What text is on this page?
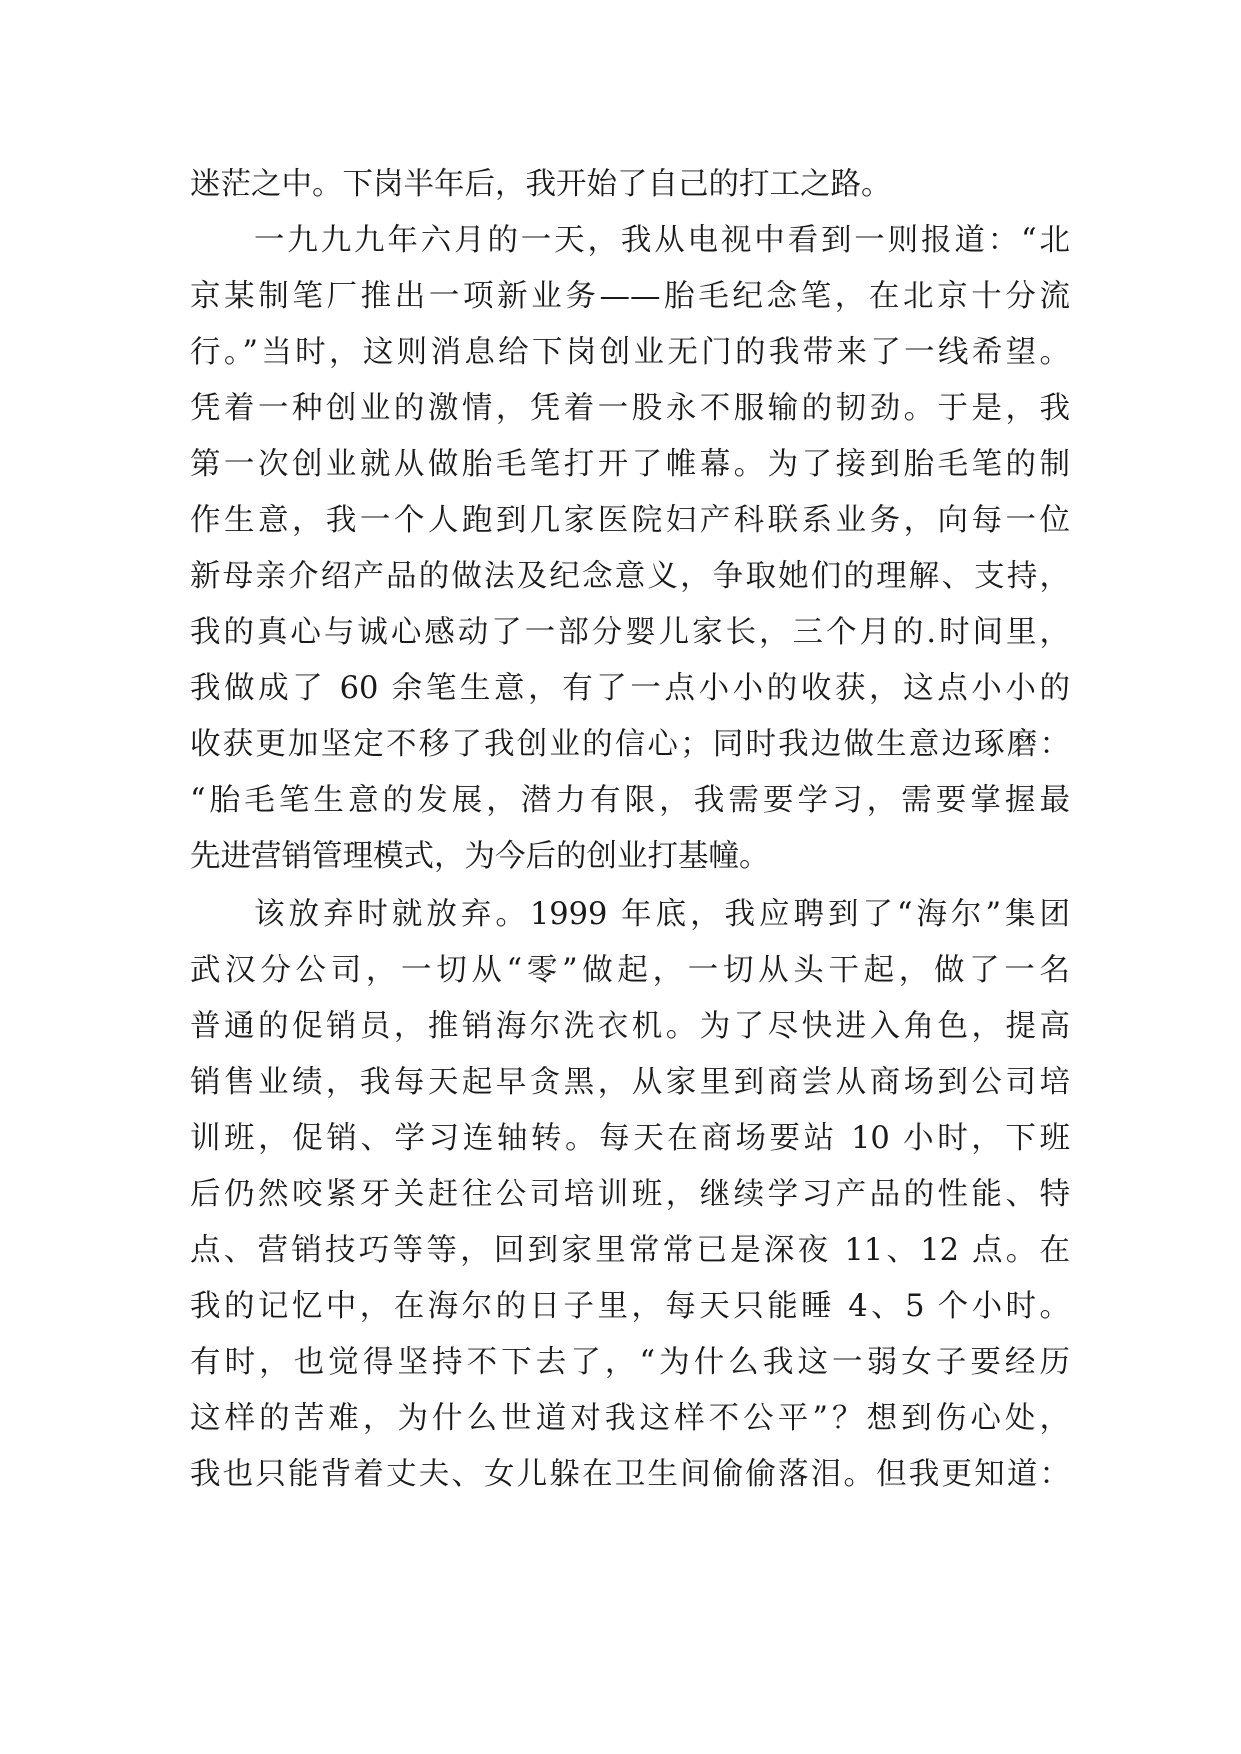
迷茫之中。下岗半年后，我开始了自己的打工之路。
一九九九年六月的一天，我从电视中看到一则报道：“北
京某制笔厂推出一项新业务——胎毛纪念笔，在北京十分流
行。”当时，这则消息给下岗创业无门的我带来了一线希望。
凭着一种创业的激情，凭着一股永不服输的韧劲。于是，我
第一次创业就从做胎毛笔打开了帷幕。为了接到胎毛笔的制
作生意，我一个人跑到几家医院妇产科联系业务，向每一位
新母亲介绍产品的做法及纪念意义，争取她们的理解、支持，
我的真心与诚心感动了一部分婴儿家长，三个月的.时间里，
我做成了 60 余笔生意，有了一点小小的收获，这点小小的
收获更加坚定不移了我创业的信心；同时我边做生意边琢磨：
“胎毛笔生意的发展，潜力有限，我需要学习，需要掌握最
先进营销管理模式，为今后的创业打基幢。
该放弃时就放弃。1999 年底，我应聘到了“海尔”集团
武汉分公司，一切从“零”做起，一切从头干起，做了一名
普通的促销员，推销海尔洗衣机。为了尽快进入角色，提高
销售业绩，我每天起早贪黑，从家里到商尝从商场到公司培
训班，促销、学习连轴转。每天在商场要站 10 小时，下班
后仍然咬紧牙关赶往公司培训班，继续学习产品的性能、特
点、营销技巧等等，回到家里常常已是深夜 11、12 点。在
我的记忆中，在海尔的日子里，每天只能睡 4、5 个小时。
有时，也觉得坚持不下去了，“为什么我这一弱女子要经历
这样的苦难，为什么世道对我这样不公平”？想到伤心处，
我也只能背着丈夫、女儿躲在卫生间偷偷落泪。但我更知道：
